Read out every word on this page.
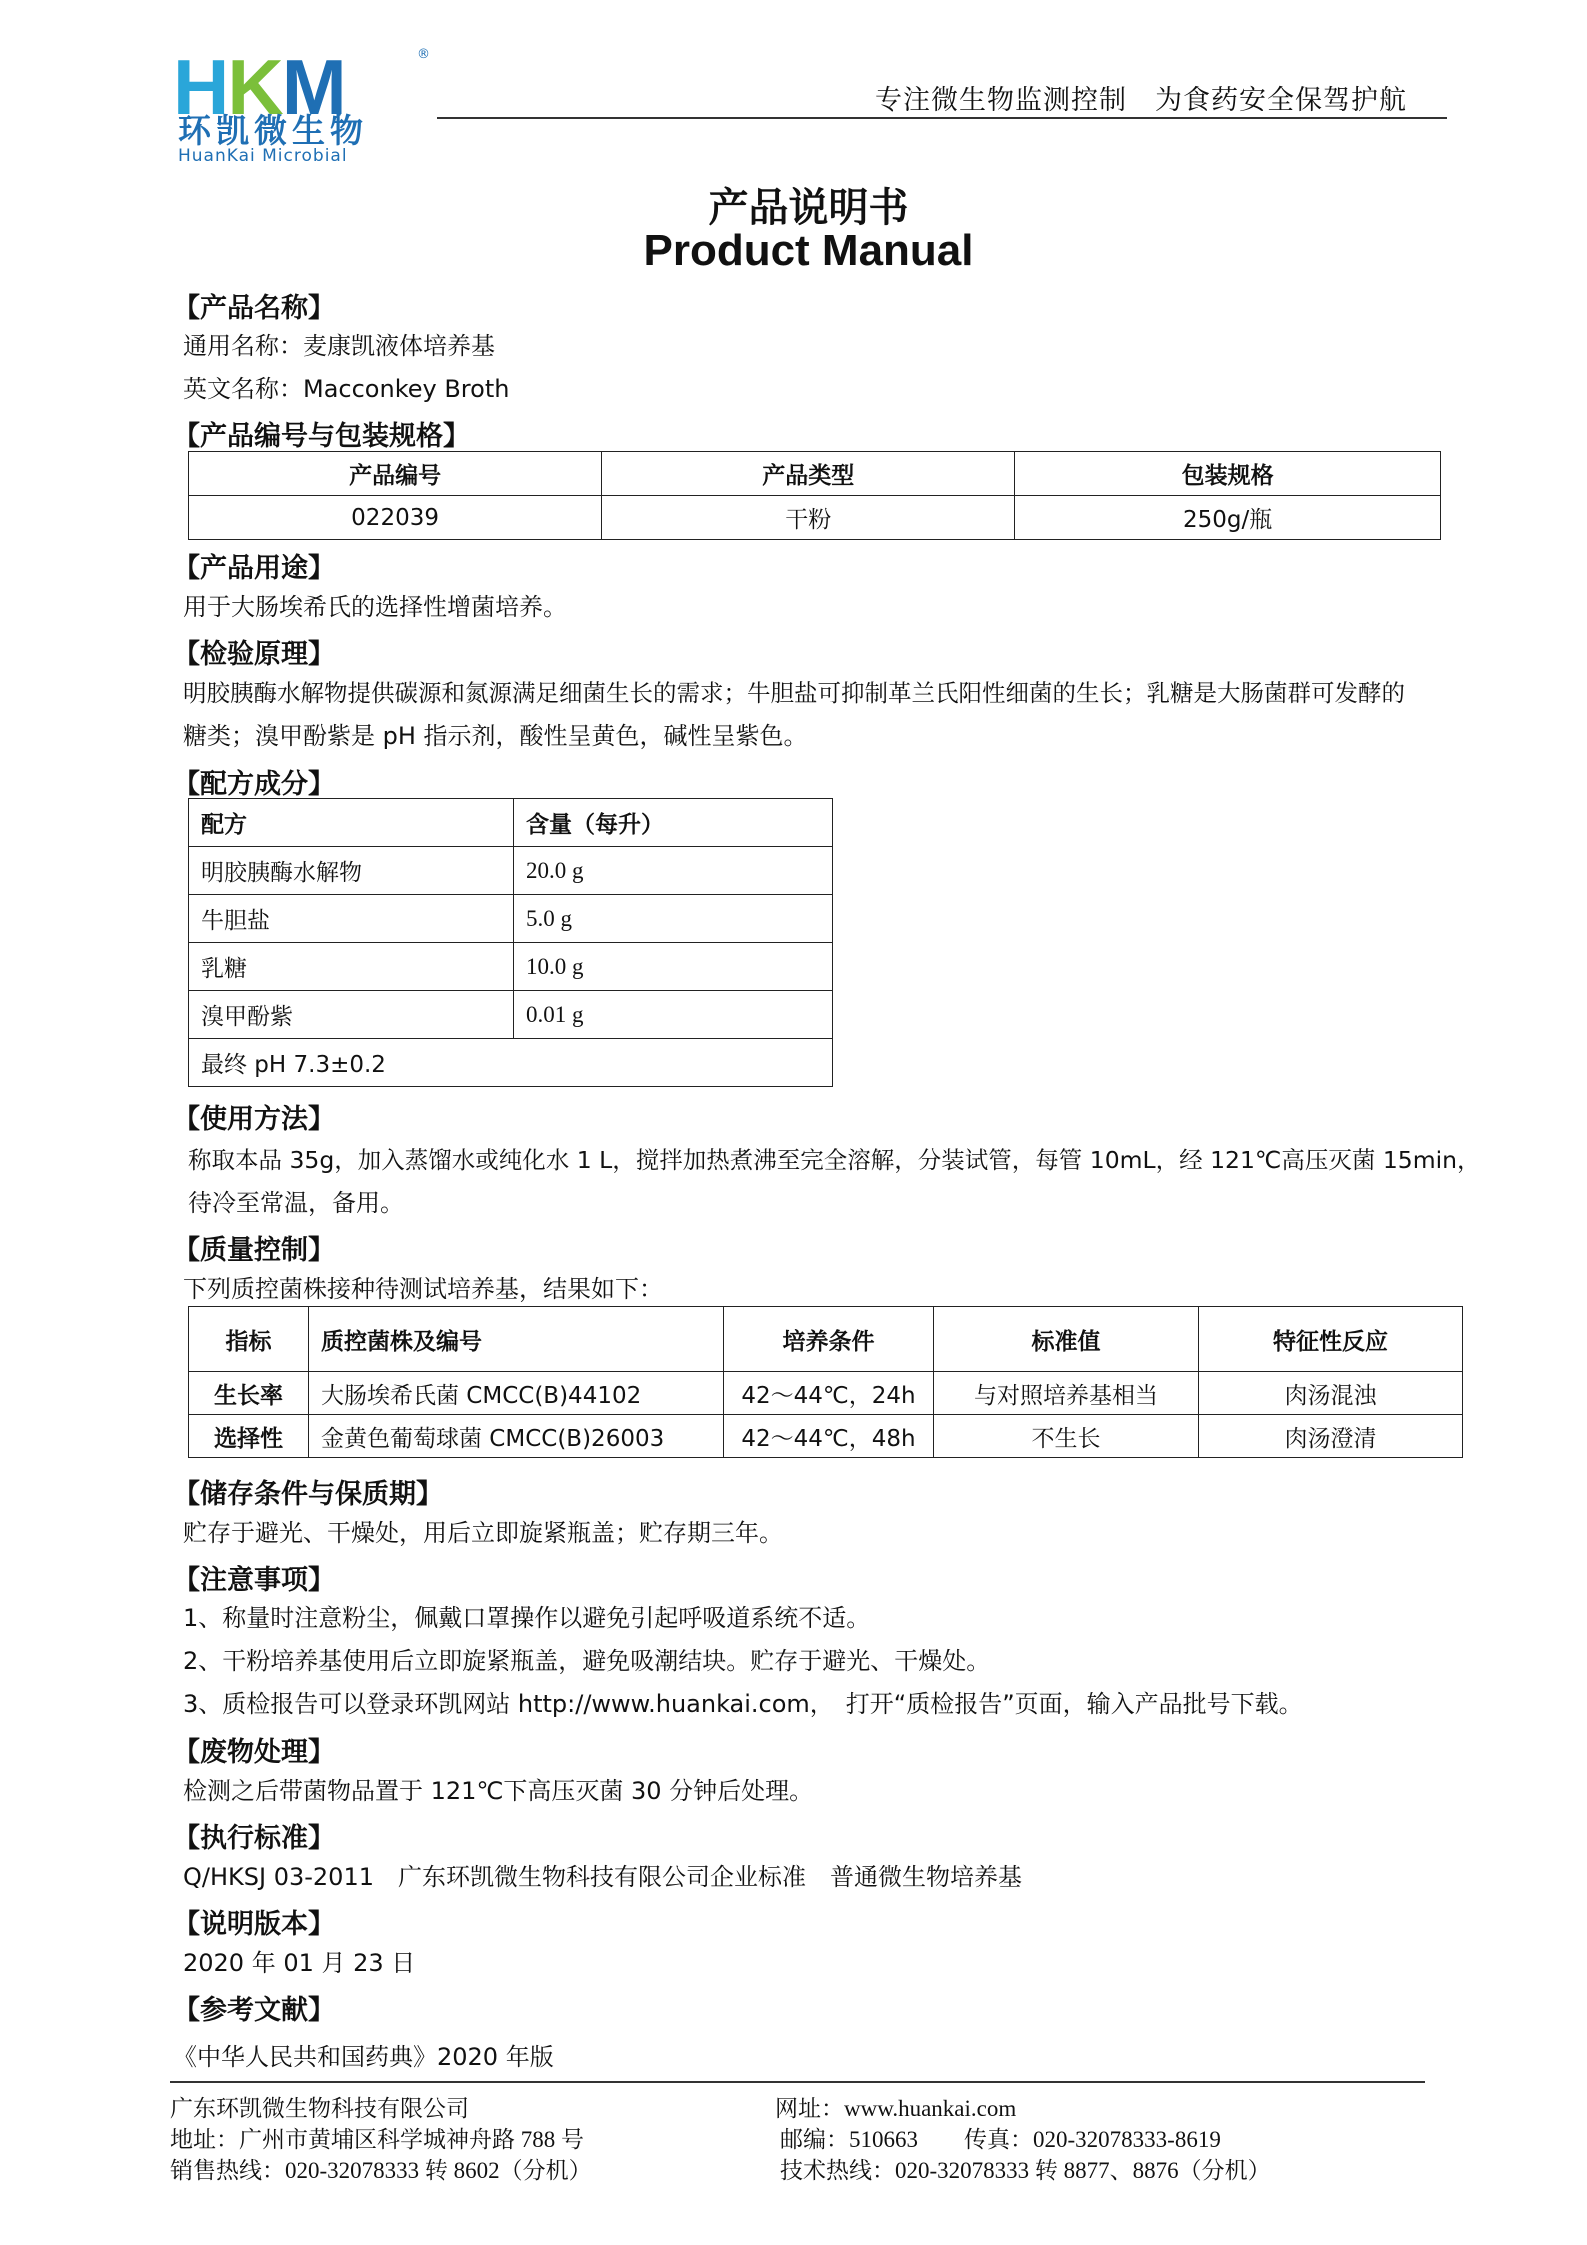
HKM	®
环凯微生物
HuanKai Microbial
专注微生物监测控制　为食药安全保驾护航
产品说明书
Product Manual
【产品名称】
通用名称：麦康凯液体培养基
英文名称：Macconkey Broth
【产品编号与包装规格】
产品编号	产品类型	包装规格
022039	干粉	250g/瓶
【产品用途】
用于大肠埃希氏的选择性增菌培养。
【检验原理】
明胶胰酶水解物提供碳源和氮源满足细菌生长的需求；牛胆盐可抑制革兰氏阳性细菌的生长；乳糖是大肠菌群可发酵的
糖类；溴甲酚紫是 pH 指示剂，酸性呈黄色，碱性呈紫色。
【配方成分】
配方	含量（每升）
明胶胰酶水解物	20.0 g
牛胆盐	5.0 g
乳糖	10.0 g
溴甲酚紫	0.01 g
最终 pH 7.3±0.2	
【使用方法】
称取本品 35g，加入蒸馏水或纯化水 1 L，搅拌加热煮沸至完全溶解，分装试管，每管 10mL，经 121℃高压灭菌 15min，
待冷至常温，备用。
【质量控制】
下列质控菌株接种待测试培养基，结果如下：
指标	质控菌株及编号	培养条件	标准值	特征性反应
生长率	大肠埃希氏菌 CMCC(B)44102	42～44℃，24h	与对照培养基相当	肉汤混浊
选择性	金黄色葡萄球菌 CMCC(B)26003	42～44℃，48h	不生长	肉汤澄清
【储存条件与保质期】
贮存于避光、干燥处，用后立即旋紧瓶盖；贮存期三年。
【注意事项】
1、称量时注意粉尘，佩戴口罩操作以避免引起呼吸道系统不适。
2、干粉培养基使用后立即旋紧瓶盖，避免吸潮结块。贮存于避光、干燥处。
3、质检报告可以登录环凯网站 http://www.huankai.com，　打开“质检报告”页面，输入产品批号下载。
【废物处理】
检测之后带菌物品置于 121℃下高压灭菌 30 分钟后处理。
【执行标准】
Q/HKSJ 03-2011　广东环凯微生物科技有限公司企业标准　普通微生物培养基
【说明版本】
2020 年 01 月 23 日
【参考文献】
《中华人民共和国药典》2020 年版
广东环凯微生物科技有限公司
地址：广州市黄埔区科学城神舟路 788 号
销售热线：020-32078333 转 8602（分机）
网址：www.huankai.com
邮编：510663　　传真：020-32078333-8619
技术热线：020-32078333 转 8877、8876（分机）
